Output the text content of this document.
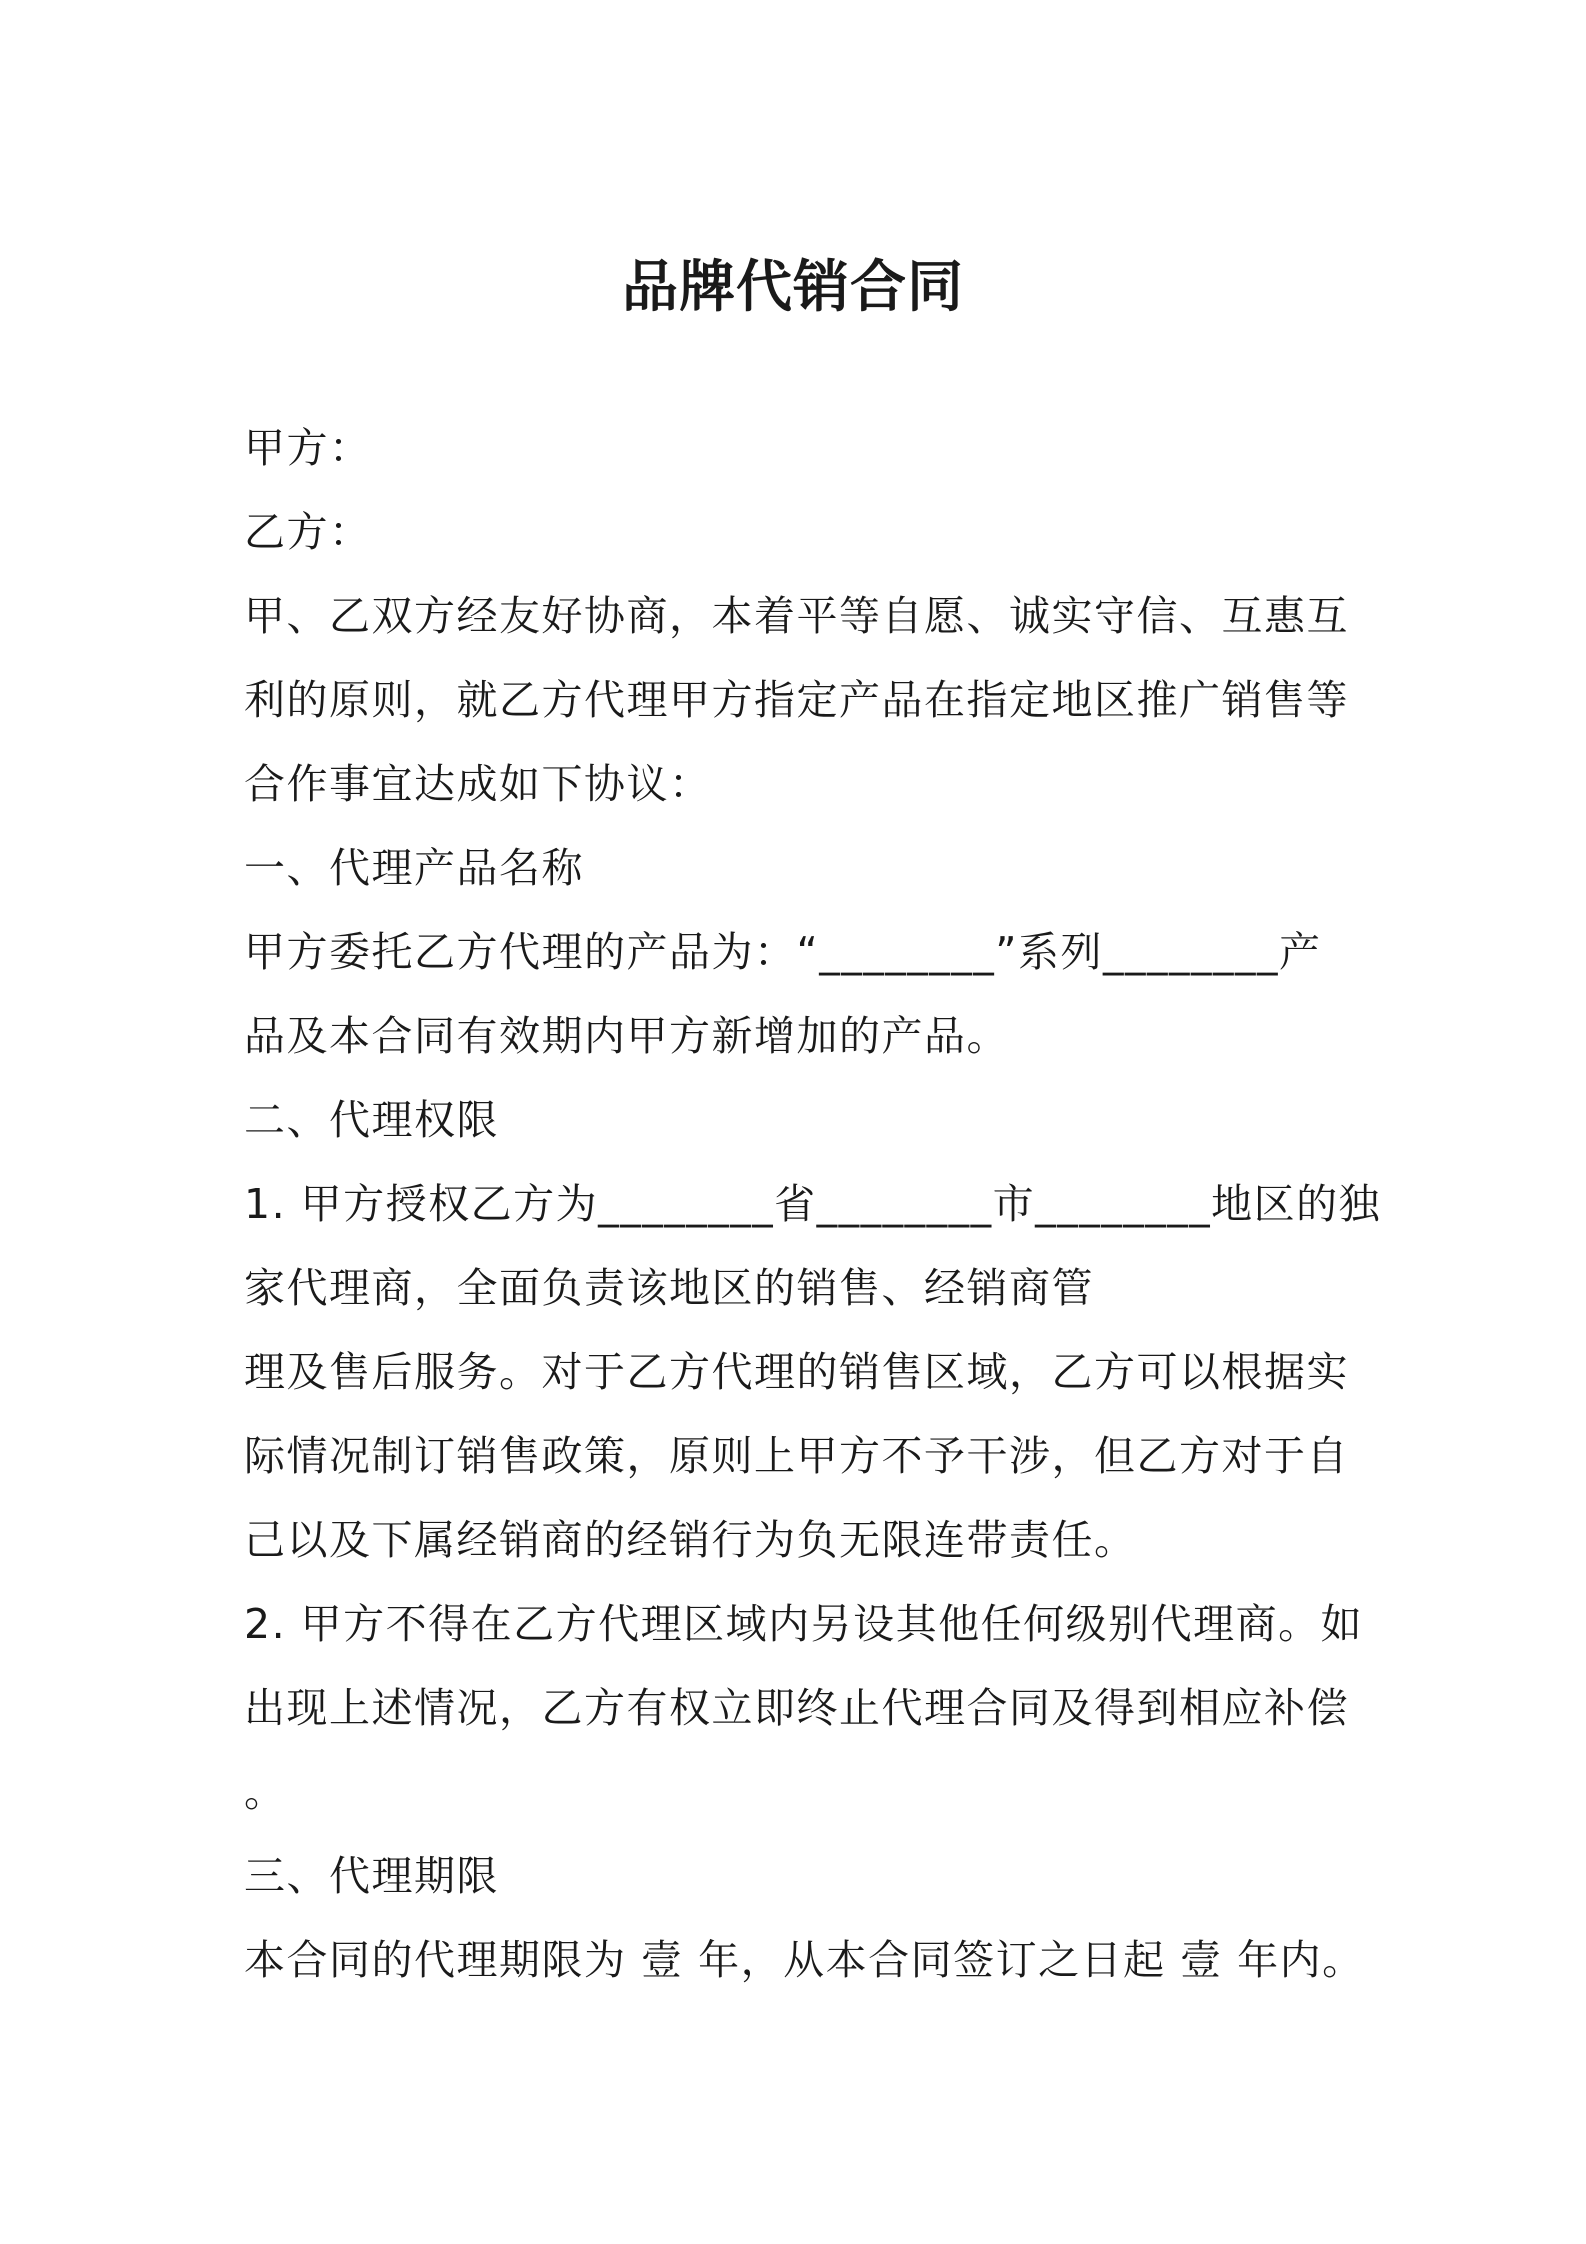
品牌代销合同

甲方：

乙方：

甲、乙双方经友好协商，本着平等自愿、诚实守信、互惠互

利的原则，就乙方代理甲方指定产品在指定地区推广销售等

合作事宜达成如下协议：

一、代理产品名称

甲方委托乙方代理的产品为：“________”系列________产

品及本合同有效期内甲方新增加的产品。

二、代理权限

1. 甲方授权乙方为________省________市________地区的独

家代理商，全面负责该地区的销售、经销商管

理及售后服务。对于乙方代理的销售区域，乙方可以根据实

际情况制订销售政策，原则上甲方不予干涉，但乙方对于自

己以及下属经销商的经销行为负无限连带责任。

2. 甲方不得在乙方代理区域内另设其他任何级别代理商。如

出现上述情况，乙方有权立即终止代理合同及得到相应补偿

。

三、代理期限

本合同的代理期限为 壹 年，从本合同签订之日起 壹 年内。
